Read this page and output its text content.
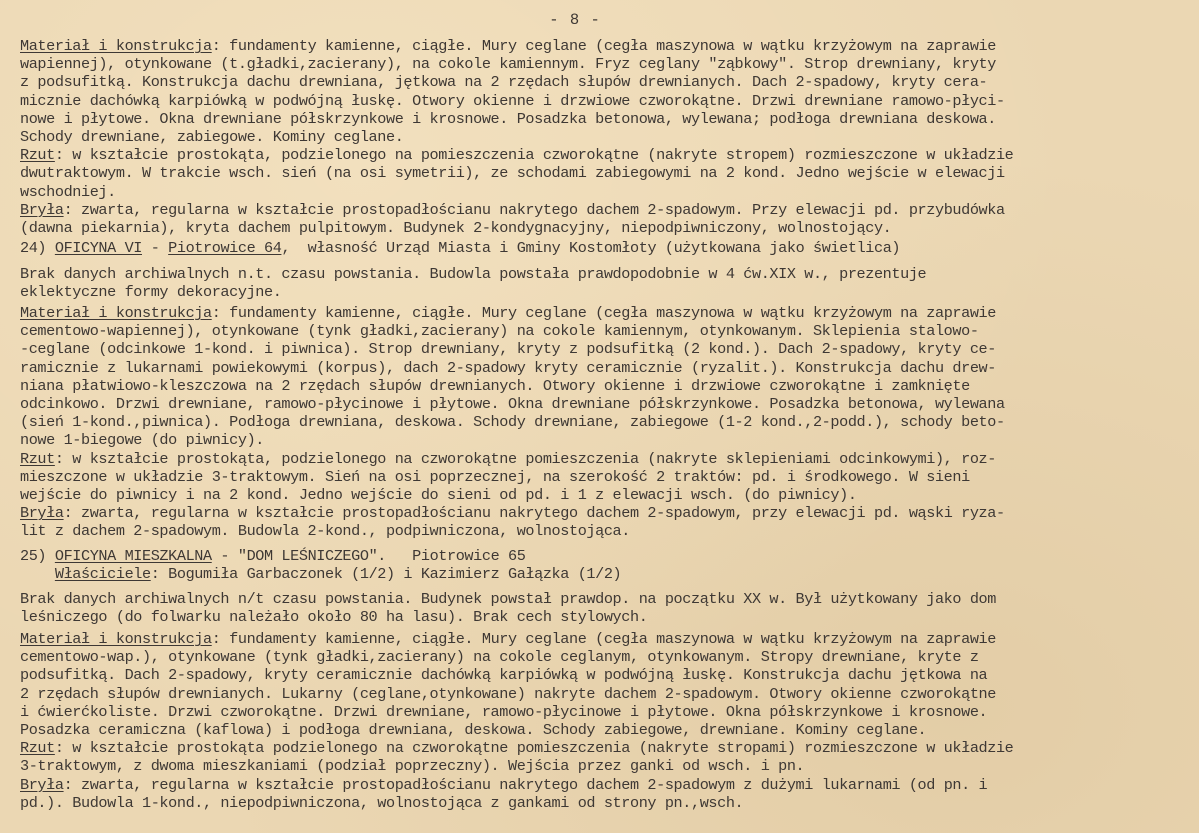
- 8 -

Materiał i konstrukcja: fundamenty kamienne, ciągłe. Mury ceglane (cegła maszynowa w wątku krzyżowym na zaprawie
wapiennej), otynkowane (t.gładki,zacierany), na cokole kamiennym. Fryz ceglany "ząbkowy". Strop drewniany, kryty
z podsufitką. Konstrukcja dachu drewniana, jętkowa na 2 rzędach słupów drewnianych. Dach 2-spadowy, kryty cera-
micznie dachówką karpiówką w podwójną łuskę. Otwory okienne i drzwiowe czworokątne. Drzwi drewniane ramowo-płyci-
nowe i płytowe. Okna drewniane półskrzynkowe i krosnowe. Posadzka betonowa, wylewana; podłoga drewniana deskowa.
Schody drewniane, zabiegowe. Kominy ceglane.
Rzut: w kształcie prostokąta, podzielonego na pomieszczenia czworokątne (nakryte stropem) rozmieszczone w układzie
dwutraktowym. W trakcie wsch. sień (na osi symetrii), ze schodami zabiegowymi na 2 kond. Jedno wejście w elewacji
wschodniej.
Bryła: zwarta, regularna w kształcie prostopadłościanu nakrytego dachem 2-spadowym. Przy elewacji pd. przybudówka
(dawna piekarnia), kryta dachem pulpitowym. Budynek 2-kondygnacyjny, niepodpiwniczony, wolnostojący.

24) OFICYNA VI - Piotrowice 64,  własność Urząd Miasta i Gminy Kostomłoty (użytkowana jako świetlica)

Brak danych archiwalnych n.t. czasu powstania. Budowla powstała prawdopodobnie w 4 ćw.XIX w., prezentuje
eklektyczne formy dekoracyjne.

Materiał i konstrukcja: fundamenty kamienne, ciągłe. Mury ceglane (cegła maszynowa w wątku krzyżowym na zaprawie
cementowo-wapiennej), otynkowane (tynk gładki,zacierany) na cokole kamiennym, otynkowanym. Sklepienia stalowo-
-ceglane (odcinkowe 1-kond. i piwnica). Strop drewniany, kryty z podsufitką (2 kond.). Dach 2-spadowy, kryty ce-
ramicznie z lukarnami powiekowymi (korpus), dach 2-spadowy kryty ceramicznie (ryzalit.). Konstrukcja dachu drew-
niana płatwiowo-kleszczowa na 2 rzędach słupów drewnianych. Otwory okienne i drzwiowe czworokątne i zamknięte
odcinkowo. Drzwi drewniane, ramowo-płycinowe i płytowe. Okna drewniane półskrzynkowe. Posadzka betonowa, wylewana
(sień 1-kond.,piwnica). Podłoga drewniana, deskowa. Schody drewniane, zabiegowe (1-2 kond.,2-podd.), schody beto-
nowe 1-biegowe (do piwnicy).
Rzut: w kształcie prostokąta, podzielonego na czworokątne pomieszczenia (nakryte sklepieniami odcinkowymi), roz-
mieszczone w układzie 3-traktowym. Sień na osi poprzecznej, na szerokość 2 traktów: pd. i środkowego. W sieni
wejście do piwnicy i na 2 kond. Jedno wejście do sieni od pd. i 1 z elewacji wsch. (do piwnicy).
Bryła: zwarta, regularna w kształcie prostopadłościanu nakrytego dachem 2-spadowym, przy elewacji pd. wąski ryza-
lit z dachem 2-spadowym. Budowla 2-kond., podpiwniczona, wolnostojąca.

25) OFICYNA MIESZKALNA - "DOM LEŚNICZEGO".   Piotrowice 65
Właściciele: Bogumiła Garbaczonek (1/2) i Kazimierz Gałązka (1/2)

Brak danych archiwalnych n/t czasu powstania. Budynek powstał prawdop. na początku XX w. Był użytkowany jako dom
leśniczego (do folwarku należało około 80 ha lasu). Brak cech stylowych.

Materiał i konstrukcja: fundamenty kamienne, ciągłe. Mury ceglane (cegła maszynowa w wątku krzyżowym na zaprawie
cementowo-wap.), otynkowane (tynk gładki,zacierany) na cokole ceglanym, otynkowanym. Stropy drewniane, kryte z
podsufitką. Dach 2-spadowy, kryty ceramicznie dachówką karpiówką w podwójną łuskę. Konstrukcja dachu jętkowa na
2 rzędach słupów drewnianych. Lukarny (ceglane,otynkowane) nakryte dachem 2-spadowym. Otwory okienne czworokątne
i ćwierćkoliste. Drzwi czworokątne. Drzwi drewniane, ramowo-płycinowe i płytowe. Okna półskrzynkowe i krosnowe.
Posadzka ceramiczna (kaflowa) i podłoga drewniana, deskowa. Schody zabiegowe, drewniane. Kominy ceglane.
Rzut: w kształcie prostokąta podzielonego na czworokątne pomieszczenia (nakryte stropami) rozmieszczone w układzie
3-traktowym, z dwoma mieszkaniami (podział poprzeczny). Wejścia przez ganki od wsch. i pn.
Bryła: zwarta, regularna w kształcie prostopadłościanu nakrytego dachem 2-spadowym z dużymi lukarnami (od pn. i
pd.). Budowla 1-kond., niepodpiwniczona, wolnostojąca z gankami od strony pn.,wsch.
